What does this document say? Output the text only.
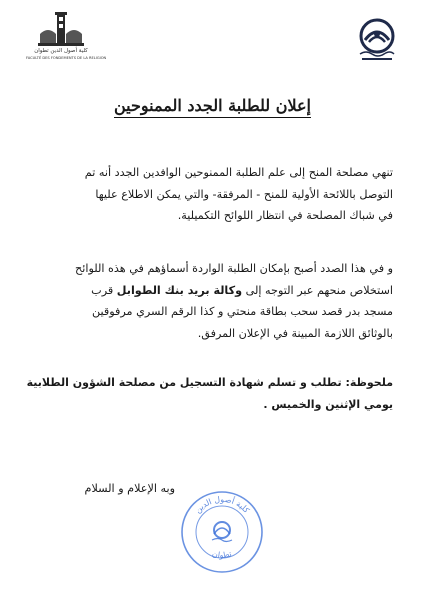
كلية أصول الدين تطوان
FACULTÉ DES FONDEMENTS DE LA RELIGION
إعلان للطلبة الجدد الممنوحين
تنهي مصلحة المنح إلى علم الطلبة الممنوحين الوافدين الجدد أنه تم
التوصل باللائحة الأولية للمنح - المرفقة- والتي يمكن الاطلاع عليها
في شباك المصلحة في انتظار اللوائح التكميلية.
و في هذا الصدد أصبح بإمكان الطلبة الواردة أسماؤهم في هذه اللوائح
استخلاص منحهم عبر التوجه إلى وكالة بريد بنك الطوابل قرب
مسجد بدر قصد سحب بطاقة منحتي و كذا الرقم السري مرفوقين
بالوثائق اللازمة المبينة في الإعلان المرفق.
ملحوظة: تطلب و تسلم شهادة التسجيل من مصلحة الشؤون الطلابية
يومي الإثنين والخميس .
وبه الإعلام و السلام
كلية أصول الدين
تطوان
